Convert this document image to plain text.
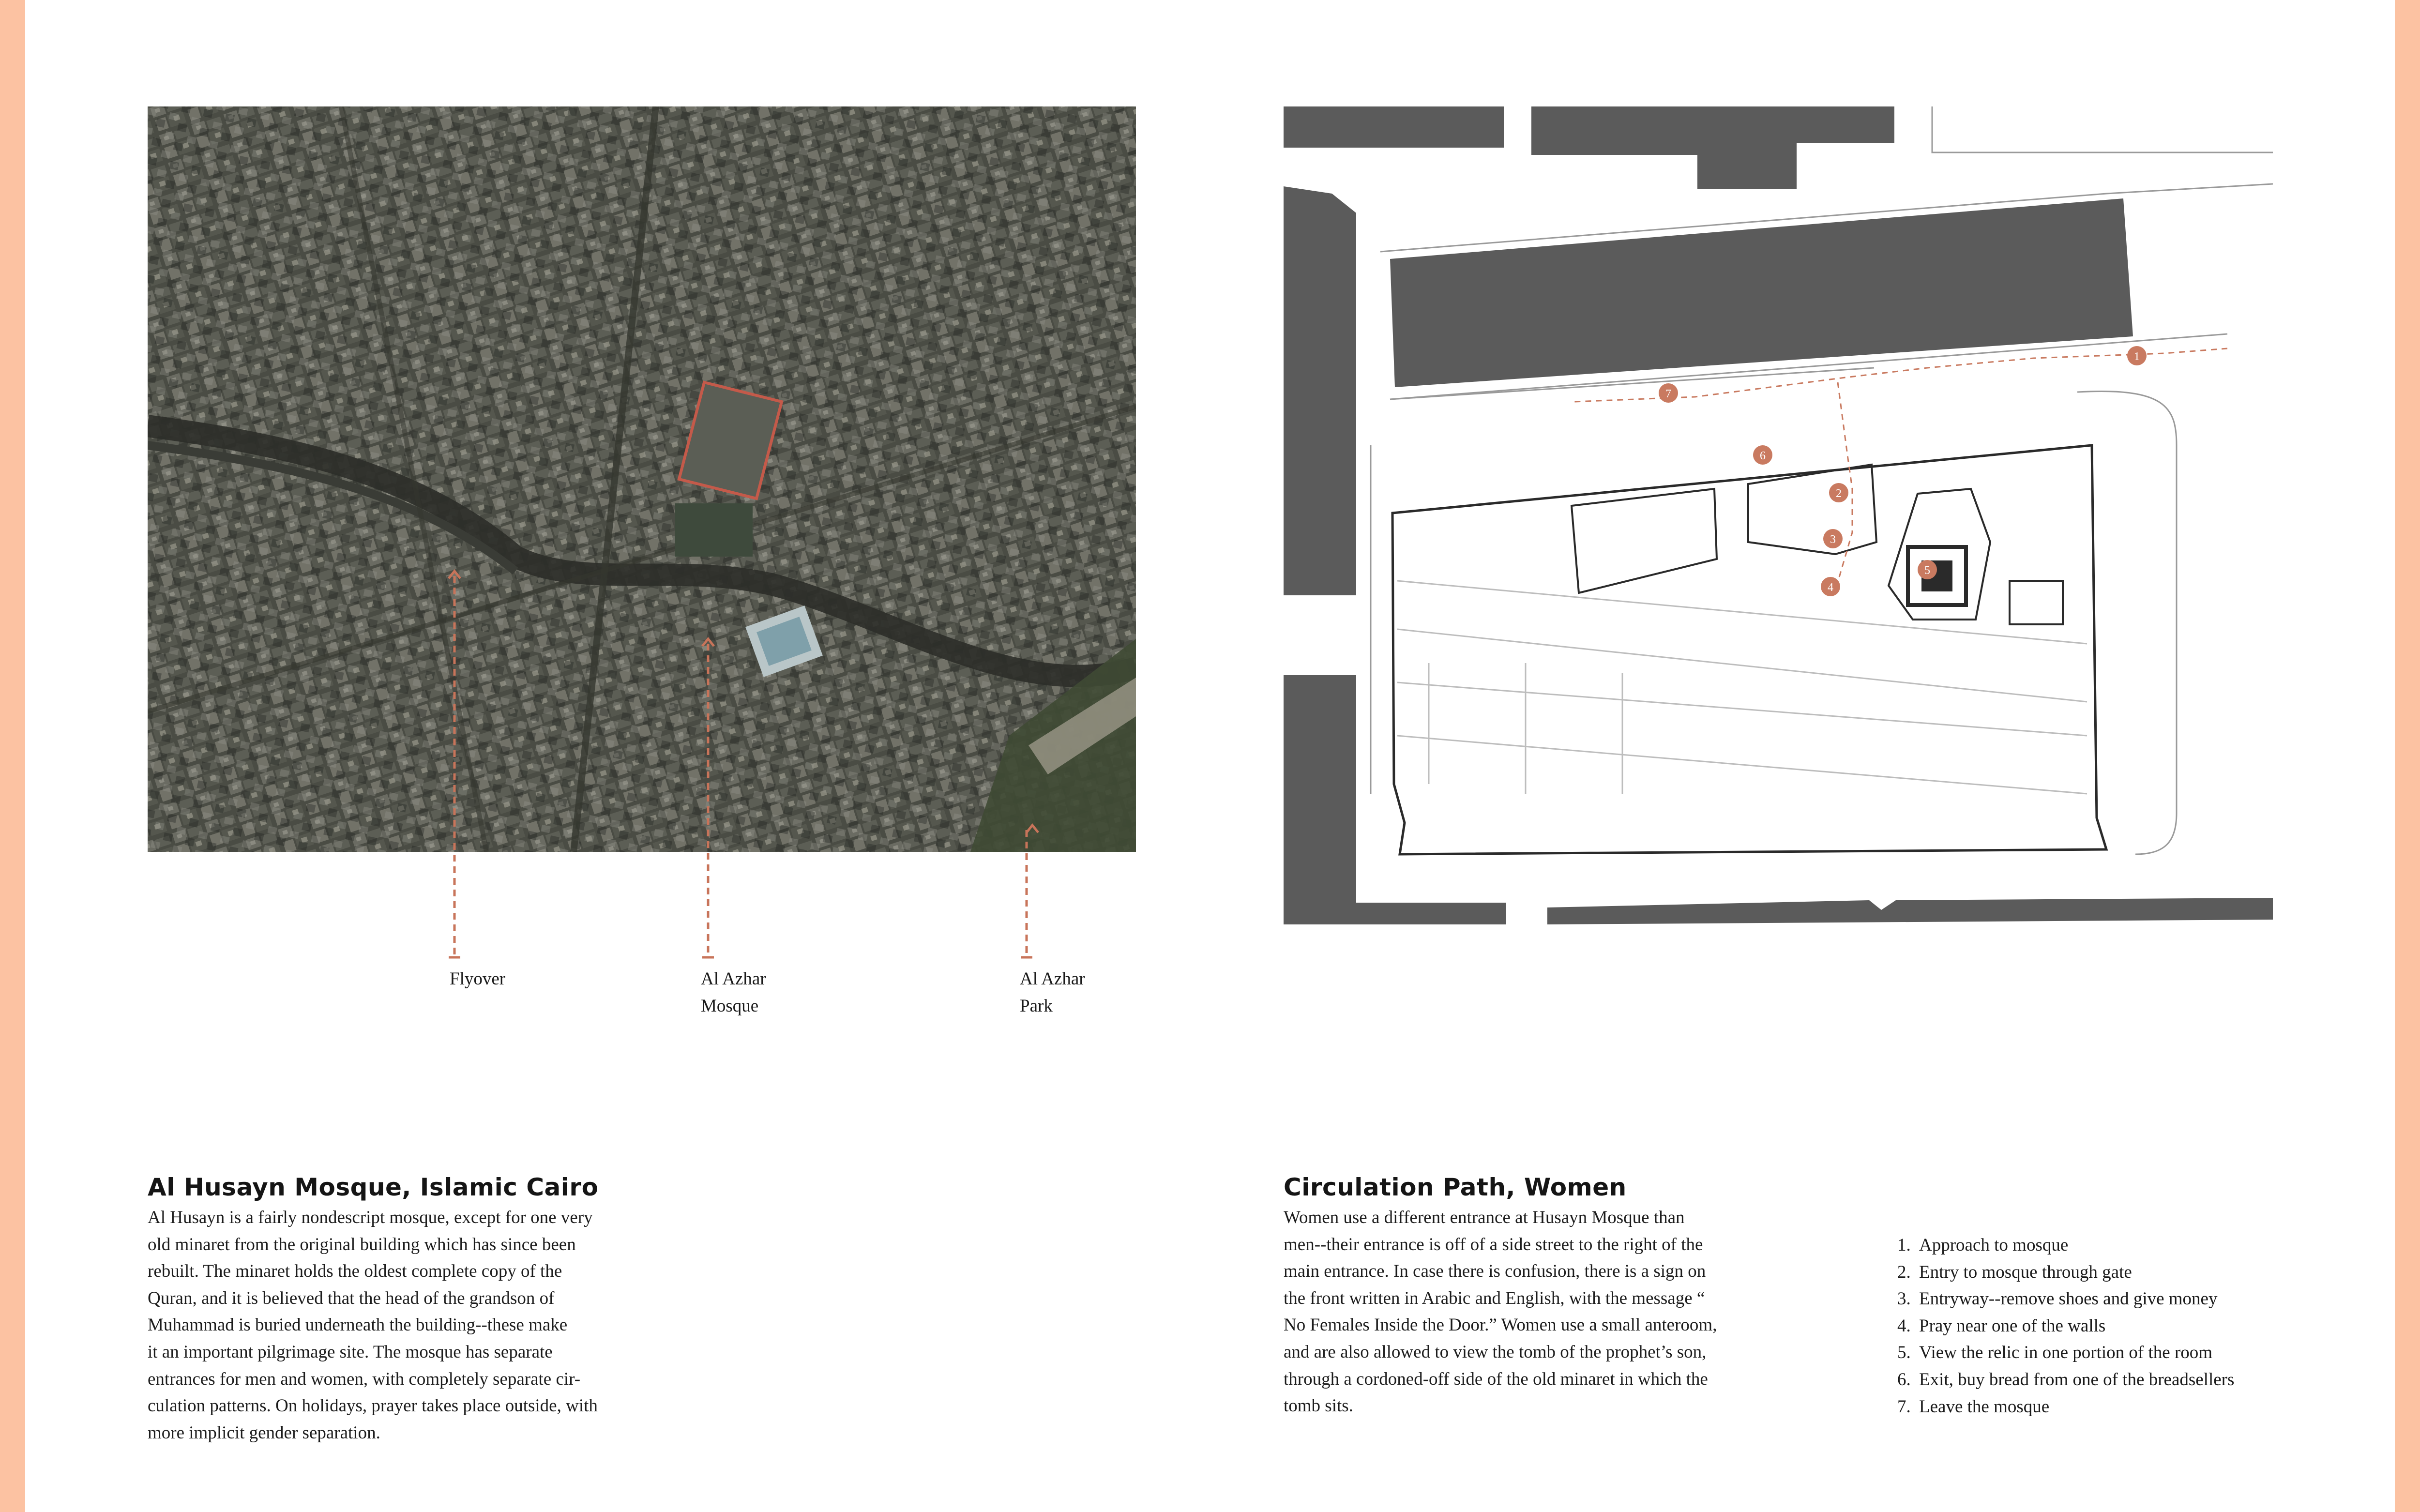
Flyover	Al Azhar
Mosque
Al Azhar
Park
1
7
6
2
3
4
5
Al Husayn Mosque, Islamic Cairo
Al Husayn is a fairly nondescript mosque, except for one very
old minaret from the original building which has since been
rebuilt. The minaret holds the oldest complete copy of the
Quran, and it is believed that the head of the grandson of
Muhammad is buried underneath the building--these make
it an important pilgrimage site. The mosque has separate
entrances for men and women, with completely separate cir-
culation patterns. On holidays, prayer takes place outside, with
more implicit gender separation.
Circulation Path, Women
Women use a different entrance at Husayn Mosque than
men--their entrance is off of a side street to the right of the
main entrance. In case there is confusion, there is a sign on
the front written in Arabic and English, with the message “
No Females Inside the Door.” Women use a small anteroom,
and are also allowed to view the tomb of the prophet’s son,
through a cordoned-off side of the old minaret in which the
tomb sits.
1. Approach to mosque
2. Entry to mosque through gate
3. Entryway--remove shoes and give money
4. Pray near one of the walls
5. View the relic in one portion of the room
6. Exit, buy bread from one of the breadsellers
7. Leave the mosque
